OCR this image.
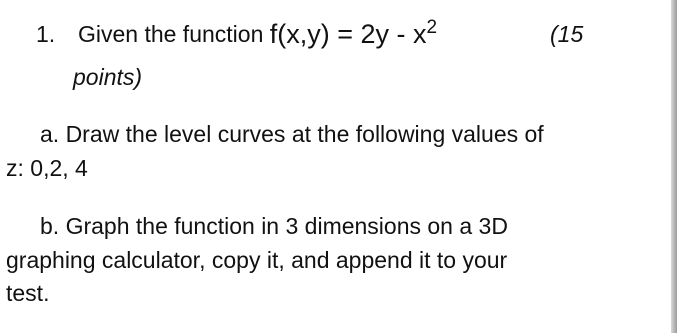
1. Given the function $f(x,y) = 2y - x^2$	(15
points)
a. Draw the level curves at the following values of
z: 0,2, 4
b. Graph the function in 3 dimensions on a 3D
graphing calculator, copy it, and append it to your
test.
